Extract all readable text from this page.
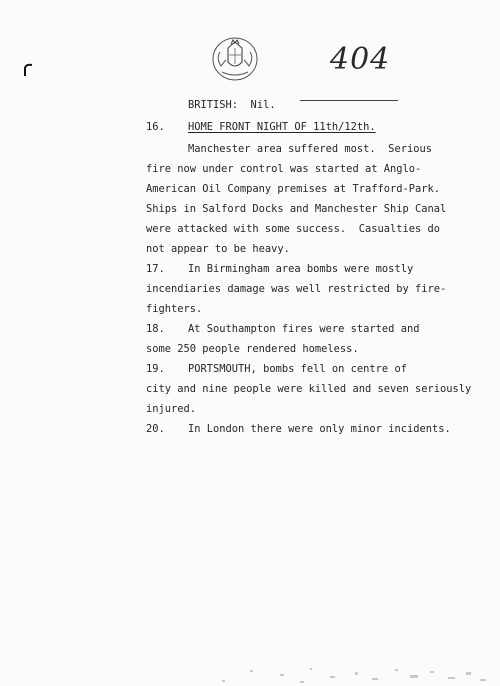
404
BRITISH:  Nil.
16. HOME FRONT NIGHT OF 11th/12th.
Manchester area suffered most.  Serious
fire now under control was started at Anglo-
American Oil Company premises at Trafford-Park.
Ships in Salford Docks and Manchester Ship Canal
were attacked with some success.  Casualties do
not appear to be heavy.
17. In Birmingham area bombs were mostly
incendiaries damage was well restricted by fire-
fighters.
18. At Southampton fires were started and
some 250 people rendered homeless.
19. PORTSMOUTH, bombs fell on centre of
city and nine people were killed and seven seriously
injured.
20. In London there were only minor incidents.
